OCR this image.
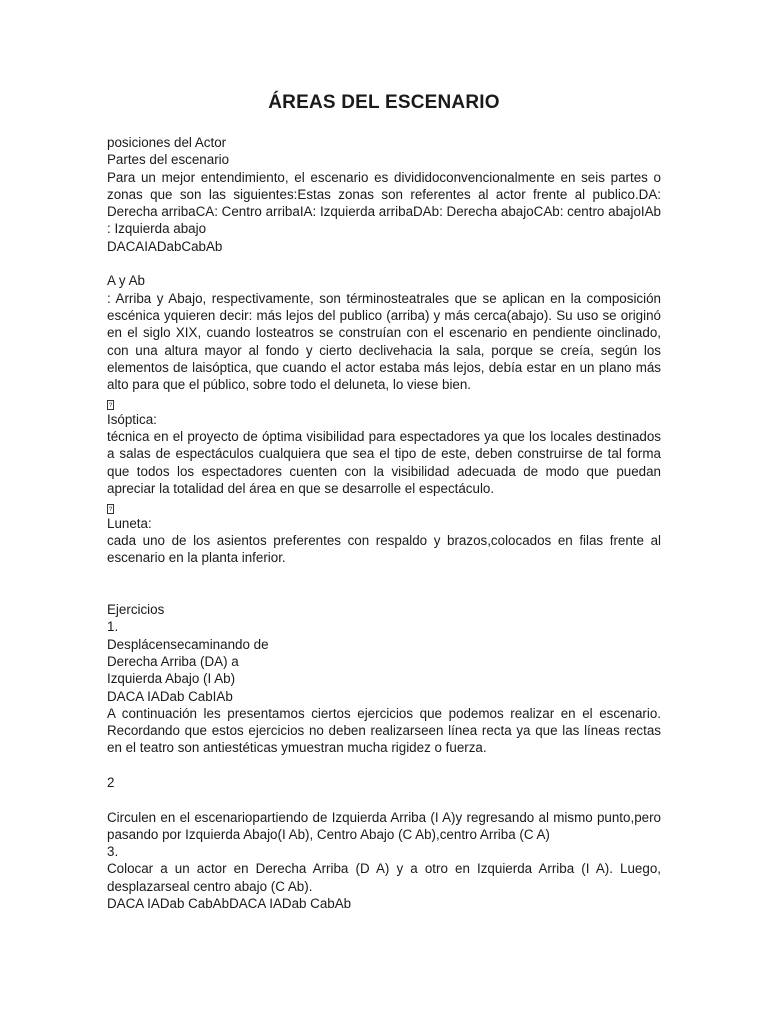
ÁREAS DEL ESCENARIO

posiciones del Actor

Partes del escenario

Para un mejor entendimiento, el escenario es divididoconvencionalmente en seis partes o zonas que son las siguientes:Estas zonas son referentes al actor frente al publico.DA: Derecha arribaCA: Centro arribaIA: Izquierda arribaDAb: Derecha abajoCAb: centro abajoIAb : Izquierda abajo

DACAIADabCabAb

A y Ab

: Arriba y Abajo, respectivamente, son términosteatrales que se aplican en la composición escénica yquieren decir: más lejos del publico (arriba) y más cerca(abajo). Su uso se originó en el siglo XIX, cuando losteatros se construían con el escenario en pendiente oinclinado, con una altura mayor al fondo y cierto declivehacia la sala, porque se creía, según los elementos de laisóptica, que cuando el actor estaba más lejos, debía estar en un plano más alto para que el público, sobre todo el deluneta, lo viese bien.

?

Isóptica:

técnica en el proyecto de óptima visibilidad para espectadores ya que los locales destinados a salas de espectáculos cualquiera que sea el tipo de este, deben construirse de tal forma que todos los espectadores cuenten con la visibilidad adecuada de modo que puedan apreciar la totalidad del área en que se desarrolle el espectáculo.

?

Luneta:

cada uno de los asientos preferentes con respaldo y brazos,colocados en filas frente al escenario en la planta inferior.

Ejercicios

1.

Desplácensecaminando de

Derecha Arriba (DA) a

Izquierda Abajo (I Ab)

DACA IADab CabIAb

A continuación les presentamos ciertos ejercicios que podemos realizar en el escenario. Recordando que estos ejercicios no deben realizarseen línea recta ya que las líneas rectas en el teatro son antiestéticas ymuestran mucha rigidez o fuerza.

2

Circulen en el escenariopartiendo de Izquierda Arriba (I A)y regresando al mismo punto,pero pasando por Izquierda Abajo(I Ab), Centro Abajo (C Ab),centro Arriba (C A)

3.

Colocar a un actor en Derecha Arriba (D A) y a otro en Izquierda Arriba (I A). Luego, desplazarseal centro abajo (C Ab).

DACA IADab CabAbDACA IADab CabAb
